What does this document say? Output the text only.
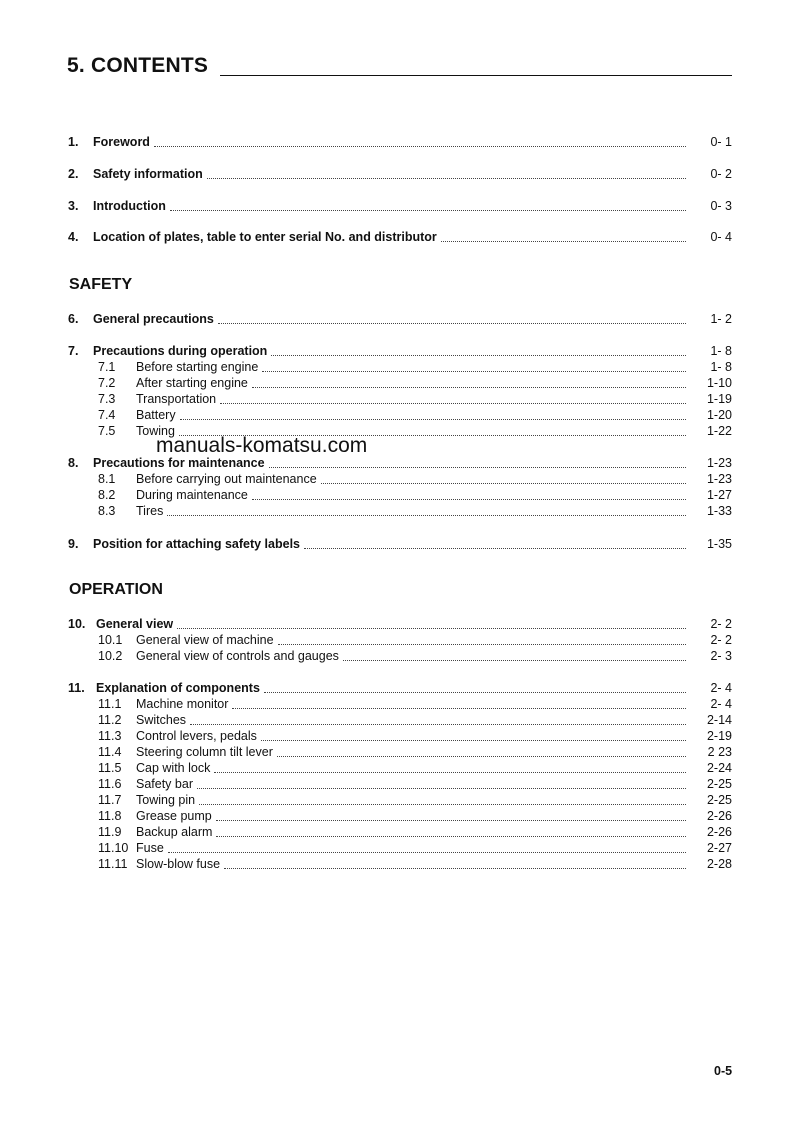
5. CONTENTS
1.	Foreword	0- 1
2.	Safety information	0- 2
3.	Introduction	0- 3
4.	Location of plates, table to enter serial No. and distributor	0- 4
SAFETY
6.	General precautions	1- 2
7.	Precautions during operation	1- 8
7.1	Before starting engine	1- 8
7.2	After starting engine	1-10
7.3	Transportation	1-19
7.4	Battery	1-20
7.5	Towing	1-22
manuals-komatsu.com
8.	Precautions for maintenance	1-23
8.1	Before carrying out maintenance	1-23
8.2	During maintenance	1-27
8.3	Tires	1-33
9.	Position for attaching safety labels	1-35
OPERATION
10. General view	2- 2
10.1	General view of machine	2- 2
10.2	General view of controls and gauges	2- 3
11. Explanation of components	2- 4
11.1	Machine monitor	2- 4
11.2	Switches	2-14
11.3	Control levers, pedals	2-19
11.4	Steering column tilt lever	2 23
11.5	Cap with lock	2-24
11.6	Safety bar	2-25
11.7	Towing pin	2-25
11.8	Grease pump	2-26
11.9	Backup alarm	2-26
11.10 Fuse	2-27
11.11 Slow-blow fuse	2-28
0-5
